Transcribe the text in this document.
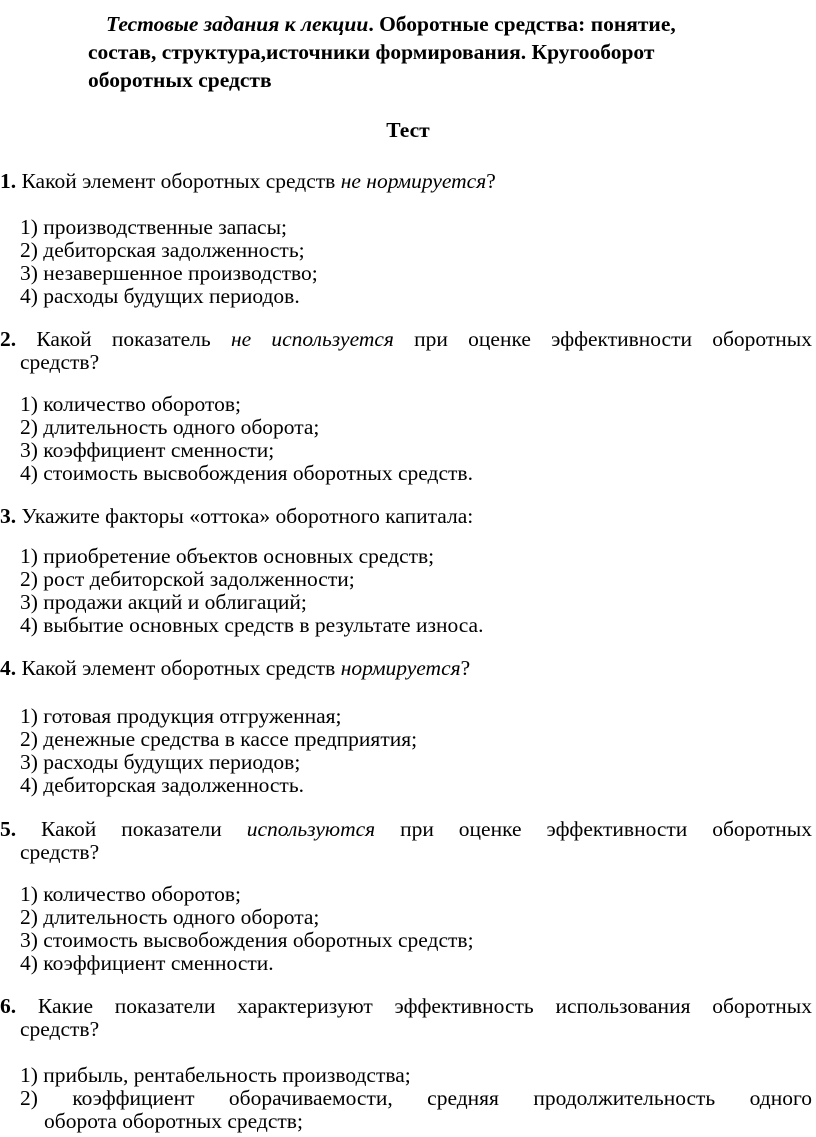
Тестовые задания к лекции. Оборотные средства: понятие,
состав, структура,источники формирования. Кругооборот
оборотных средств
Тест
1. Какой элемент оборотных средств не нормируется?
1) производственные запасы;
2) дебиторская задолженность;
3) незавершенное производство;
4) расходы будущих периодов.
2. Какой показатель не используется при оценке эффективности оборотных
средств?
1) количество оборотов;
2) длительность одного оборота;
3) коэффициент сменности;
4) стоимость высвобождения оборотных средств.
3. Укажите факторы «оттока» оборотного капитала:
1) приобретение объектов основных средств;
2) рост дебиторской задолженности;
3) продажи акций и облигаций;
4) выбытие основных средств в результате износа.
4. Какой элемент оборотных средств нормируется?
1) готовая продукция отгруженная;
2) денежные средства в кассе предприятия;
3) расходы будущих периодов;
4) дебиторская задолженность.
5. Какой показатели используются при оценке эффективности оборотных
средств?
1) количество оборотов;
2) длительность одного оборота;
3) стоимость высвобождения оборотных средств;
4) коэффициент сменности.
6. Какие показатели характеризуют эффективность использования оборотных
средств?
1) прибыль, рентабельность производства;
2) коэффициент оборачиваемости, средняя продолжительность одного
оборота оборотных средств;
